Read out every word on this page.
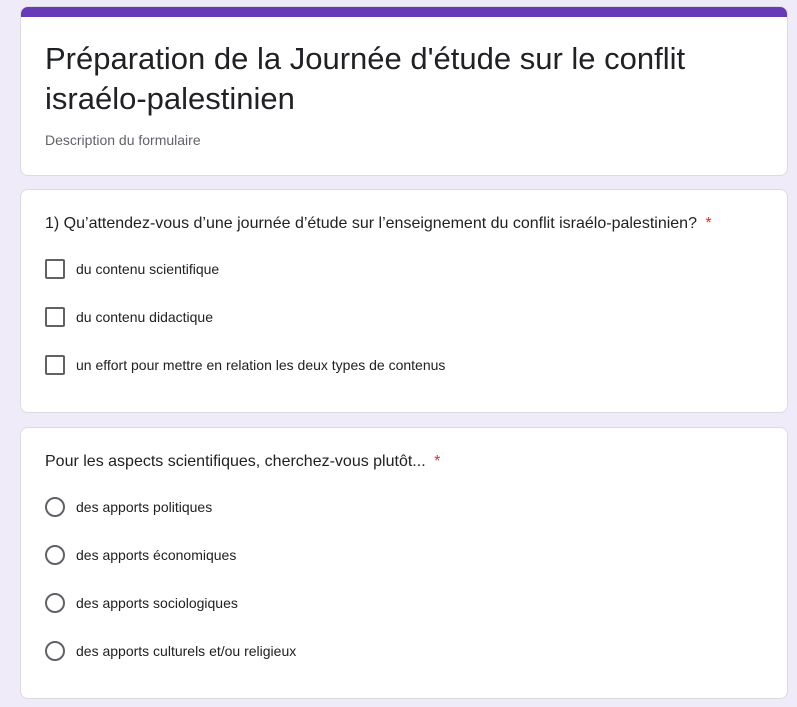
Préparation de la Journée d'étude sur le conflit israélo-palestinien
Description du formulaire
1) Qu’attendez-vous d’une journée d’étude sur l’enseignement du conflit israélo-palestinien? *
du contenu scientifique
du contenu didactique
un effort pour mettre en relation les deux types de contenus
Pour les aspects scientifiques, cherchez-vous plutôt... *
des apports politiques
des apports économiques
des apports sociologiques
des apports culturels et/ou religieux
